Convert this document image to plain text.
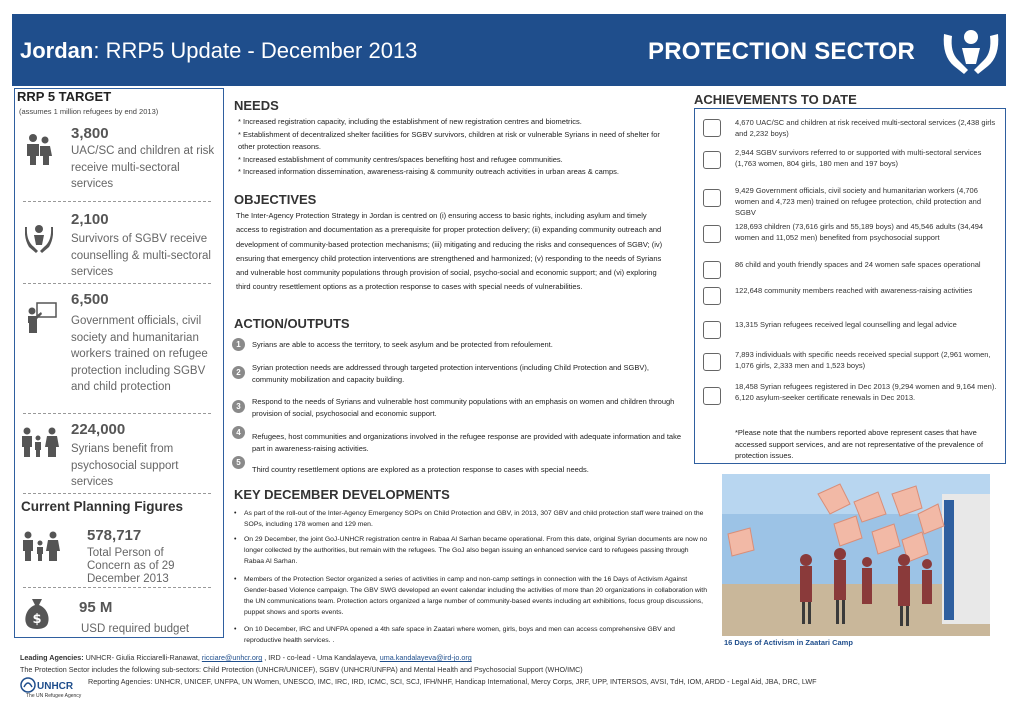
Jordan: RRP5 Update - December 2013	PROTECTION SECTOR
RRP 5 TARGET
(assumes 1 million refugees by end 2013)
3,800
UAC/SC and children at risk receive multi-sectoral services
2,100
Survivors of SGBV receive counselling & multi-sectoral services
6,500
Government officials, civil society and humanitarian workers trained on refugee protection including SGBV and child protection
224,000
Syrians benefit from psychosocial support services
Current Planning Figures
578,717
Total Person of Concern as of 29 December 2013
$
95 M
USD required budget
NEEDS
* Increased registration capacity, including the establishment of new registration centres and biometrics.
* Establishment of decentralized shelter facilities for SGBV survivors, children at risk or vulnerable Syrians in need of shelter for other protection reasons.
* Increased establishment of community centres/spaces benefiting host and refugee communities.
* Increased information dissemination, awareness-raising & community outreach activities in urban areas & camps.
OBJECTIVES
The Inter-Agency Protection Strategy in Jordan is centred on (i) ensuring access to basic rights, including asylum and timely access to registration and documentation as a prerequisite for proper protection delivery; (ii) expanding community outreach and development of community-based protection mechanisms; (iii) mitigating and reducing the risks and consequences of SGBV; (iv) ensuring that emergency child protection interventions are strengthened and harmonized; (v) responding to the needs of Syrians and vulnerable host community populations through provision of social, psycho-social and economic support; and (vi) exploring third country resettlement options as a protection response to cases with special needs of vulnerabilities.
ACTION/OUTPUTS
1	Syrians are able to access the territory, to seek asylum and be protected from refoulement.
2
Syrian protection needs are addressed through targeted protection interventions (including Child Protection and SGBV), community mobilization and capacity building.
3
Respond to the needs of Syrians and vulnerable host community populations with an emphasis on women and children through provision of social, psychosocial and economic support.
4	Refugees, host communities and organizations involved in the refugee response are provided with adequate information and take part in awareness-raising activities.
5
Third country resettlement options are explored as a protection response to cases with special needs.
KEY DECEMBER DEVELOPMENTS
• As part of the roll-out of the Inter-Agency Emergency SOPs on Child Protection and GBV, in 2013, 307 GBV and child protection staff were trained on the SOPs, including 178 women and 129 men.
• On 29 December, the joint GoJ-UNHCR registration centre in Rabaa Al Sarhan became operational. From this date, original Syrian documents are now no longer collected by the authorities, but remain with the refugees. The GoJ also began issuing an enhanced service card to refugees passing through Rabaa Al Sarhan.
• Members of the Protection Sector organized a series of activities in camp and non-camp settings in connection with the 16 Days of Activism Against Gender-based Violence campaign. The GBV SWG developed an event calendar including the activities of more than 20 organizations in collaboration with the UN communications team. Protection actors organized a large number of community-based events including art exhibitions, focus group discussions, puppet shows and sports events.
• On 10 December, IRC and UNFPA opened a 4th safe space in Zaatari where women, girls, boys and men can access comprehensive GBV and reproductive health services. .
ACHIEVEMENTS TO DATE
4,670 UAC/SC and children at risk received multi-sectoral services (2,438 girls and 2,232 boys)
2,944 SGBV survivors referred to or supported with multi-sectoral services (1,763 women, 804 girls, 180 men and 197 boys)
9,429 Government officials, civil society and humanitarian workers (4,706 women and 4,723 men) trained on refugee protection, child protection and SGBV
128,693 children (73,616 girls and 55,189 boys) and 45,546 adults (34,494 women and 11,052 men) benefited from psychosocial support
86 child and youth friendly spaces and 24 women safe spaces operational
122,648 community members reached with awareness-raising activities
13,315 Syrian refugees received legal counselling and legal advice
7,893 individuals with specific needs received special support (2,961 women, 1,076 girls, 2,333 men and 1,523 boys)
18,458 Syrian refugees registered in Dec 2013 (9,294 women and 9,164 men). 6,120 asylum-seeker certificate renewals in Dec 2013.
*Please note that the numbers reported above represent cases that have accessed support services, and are not representative of the prevalence of protection issues.
16 Days of Activism in Zaatari Camp
Leading Agencies: UNHCR- Giulia Ricciarelli-Ranawat, ricciare@unhcr.org , IRD - co-lead - Uma Kandalayeva, uma.kandalayeva@ird-jo.org
The Protection Sector includes the following sub-sectors: Child Protection (UNHCR/UNICEF), SGBV (UNHCR/UNFPA) and Mental Health and Psychosocial Support (WHO/IMC)
Reporting Agencies: UNHCR, UNICEF, UNFPA, UN Women, UNESCO, IMC, IRC, IRD, ICMC, SCI, SCJ, IFH/NHF, Handicap International, Mercy Corps, JRF, UPP, INTERSOS, AVSI, TdH, IOM, ARDD - Legal Aid, JBA, DRC, LWF
The UN Refugee Agency
UNHCR
